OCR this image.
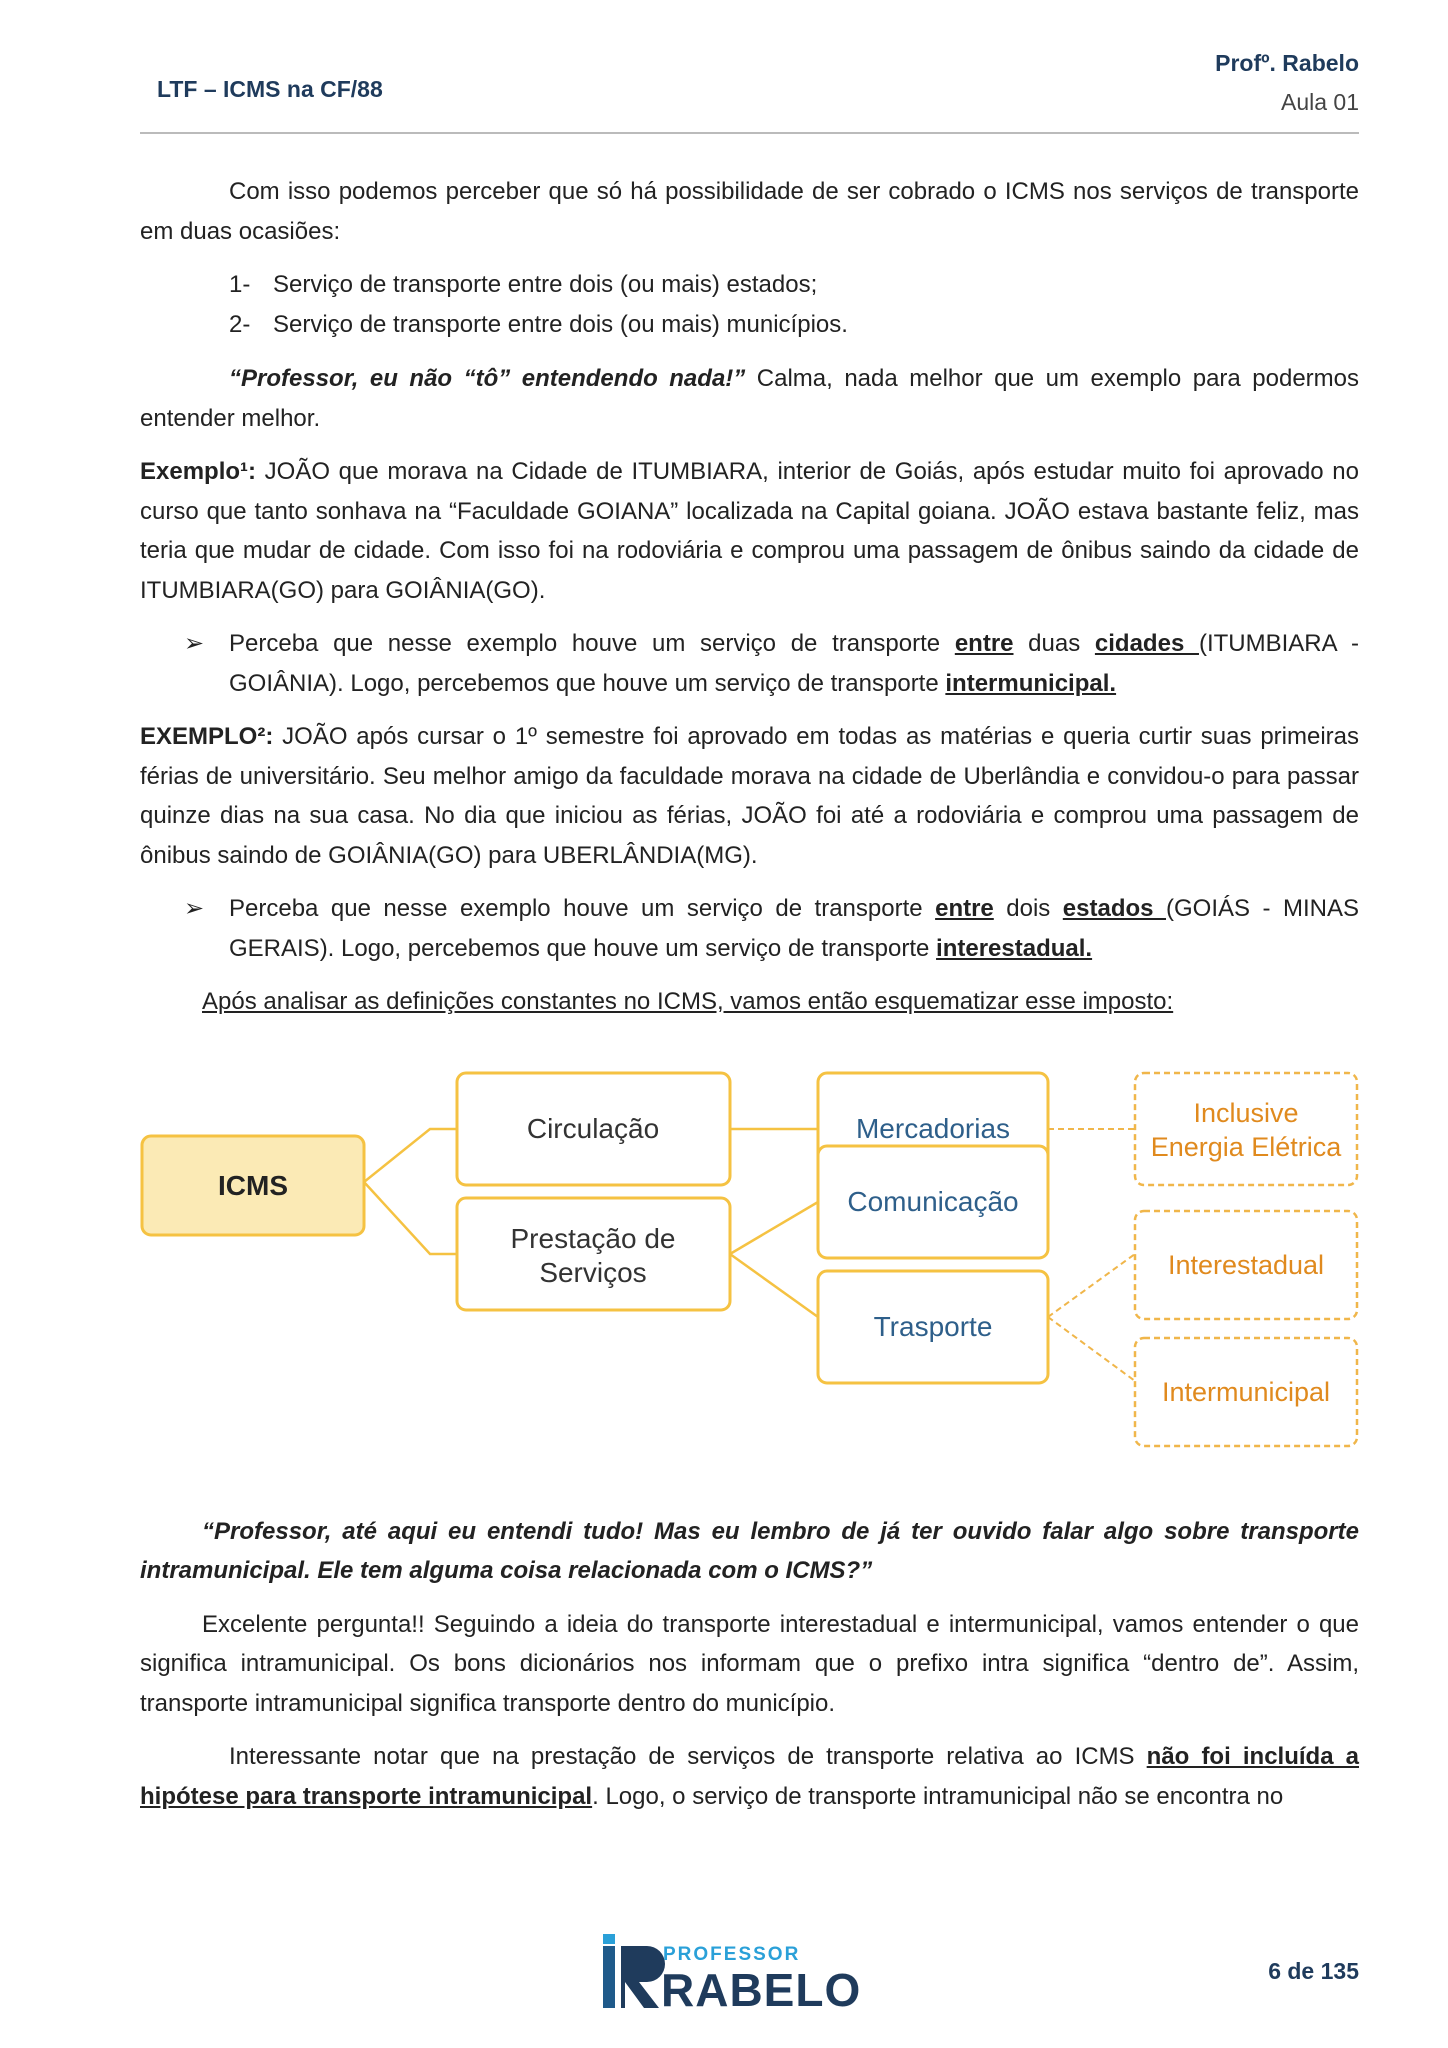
LTF – ICMS na CF/88
Profº. Rabelo
Aula 01

Com isso podemos perceber que só há possibilidade de ser cobrado o ICMS nos serviços de transporte em duas ocasiões:

1- Serviço de transporte entre dois (ou mais) estados;
2- Serviço de transporte entre dois (ou mais) municípios.

“Professor, eu não “tô” entendendo nada!” Calma, nada melhor que um exemplo para podermos entender melhor.

Exemplo¹: JOÃO que morava na Cidade de ITUMBIARA, interior de Goiás, após estudar muito foi aprovado no curso que tanto sonhava na “Faculdade GOIANA” localizada na Capital goiana. JOÃO estava bastante feliz, mas teria que mudar de cidade. Com isso foi na rodoviária e comprou uma passagem de ônibus saindo da cidade de ITUMBIARA(GO) para GOIÂNIA(GO).

➢ Perceba que nesse exemplo houve um serviço de transporte entre duas cidades (ITUMBIARA - GOIÂNIA). Logo, percebemos que houve um serviço de transporte intermunicipal.

EXEMPLO²: JOÃO após cursar o 1º semestre foi aprovado em todas as matérias e queria curtir suas primeiras férias de universitário. Seu melhor amigo da faculdade morava na cidade de Uberlândia e convidou-o para passar quinze dias na sua casa. No dia que iniciou as férias, JOÃO foi até a rodoviária e comprou uma passagem de ônibus saindo de GOIÂNIA(GO) para UBERLÂNDIA(MG).

➢ Perceba que nesse exemplo houve um serviço de transporte entre dois estados (GOIÁS - MINAS GERAIS). Logo, percebemos que houve um serviço de transporte interestadual.

Após analisar as definições constantes no ICMS, vamos então esquematizar esse imposto:

ICMS
Circulação	Mercadorias	Inclusive
Energia Elétrica
Prestação de
Serviços
Comunicação
Trasporte
Interestadual
Intermunicipal

“Professor, até aqui eu entendi tudo! Mas eu lembro de já ter ouvido falar algo sobre transporte intramunicipal. Ele tem alguma coisa relacionada com o ICMS?”

Excelente pergunta!! Seguindo a ideia do transporte interestadual e intermunicipal, vamos entender o que significa intramunicipal. Os bons dicionários nos informam que o prefixo intra significa “dentro de”. Assim, transporte intramunicipal significa transporte dentro do município.

Interessante notar que na prestação de serviços de transporte relativa ao ICMS não foi incluída a hipótese para transporte intramunicipal. Logo, o serviço de transporte intramunicipal não se encontra no

PROFESSOR
RABELO	6 de 135
